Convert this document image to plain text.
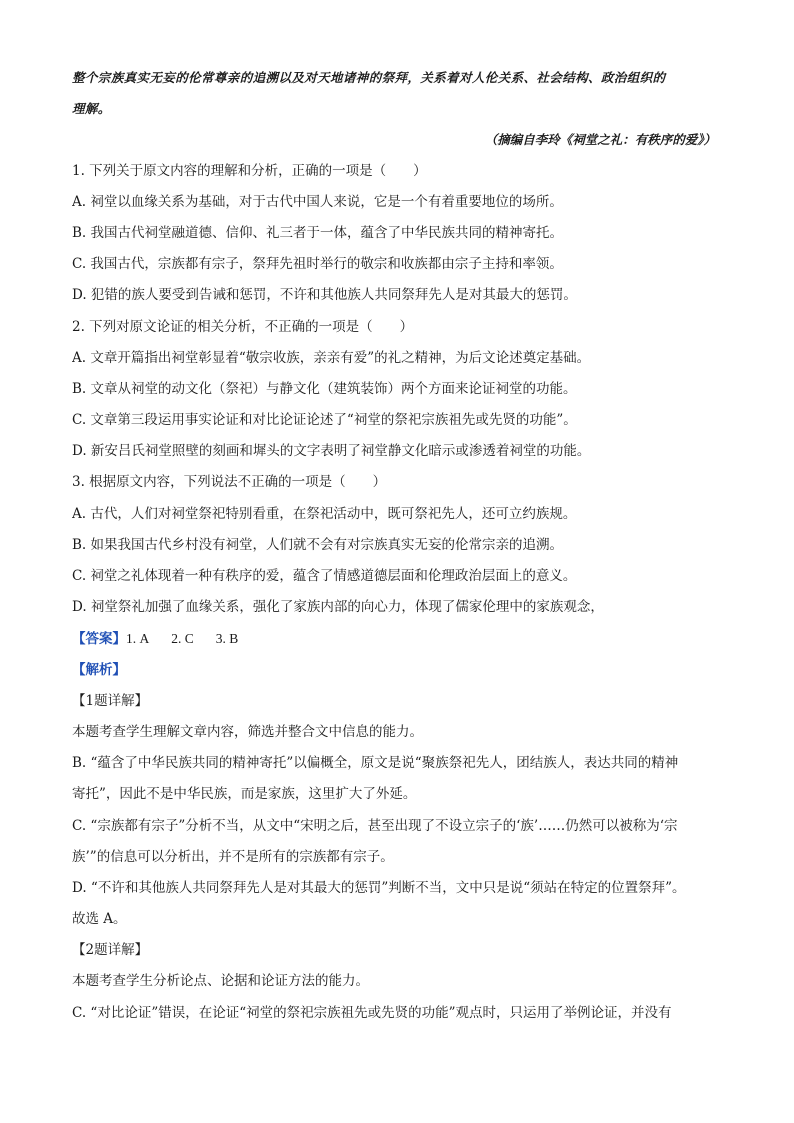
整个宗族真实无妄的伦常尊亲的追溯以及对天地诸神的祭拜，关系着对人伦关系、社会结构、政治组织的
理解。
（摘编自李玲《祠堂之礼：有秩序的爱》）
1. 下列关于原文内容的理解和分析，正确的一项是（　　）
A. 祠堂以血缘关系为基础，对于古代中国人来说，它是一个有着重要地位的场所。
B. 我国古代祠堂融道德、信仰、礼三者于一体，蕴含了中华民族共同的精神寄托。
C. 我国古代，宗族都有宗子，祭拜先祖时举行的敬宗和收族都由宗子主持和率领。
D. 犯错的族人要受到告诫和惩罚，不许和其他族人共同祭拜先人是对其最大的惩罚。
2. 下列对原文论证的相关分析，不正确的一项是（　　）
A. 文章开篇指出祠堂彰显着“敬宗收族，亲亲有爱”的礼之精神，为后文论述奠定基础。
B. 文章从祠堂的动文化（祭祀）与静文化（建筑装饰）两个方面来论证祠堂的功能。
C. 文章第三段运用事实论证和对比论证论述了“祠堂的祭祀宗族祖先或先贤的功能”。
D. 新安吕氏祠堂照壁的刻画和墀头的文字表明了祠堂静文化暗示或渗透着祠堂的功能。
3. 根据原文内容，下列说法不正确的一项是（　　）
A. 古代，人们对祠堂祭祀特别看重，在祭祀活动中，既可祭祀先人，还可立约族规。
B. 如果我国古代乡村没有祠堂，人们就不会有对宗族真实无妄的伦常宗亲的追溯。
C. 祠堂之礼体现着一种有秩序的爱，蕴含了情感道德层面和伦理政治层面上的意义。
D. 祠堂祭礼加强了血缘关系，强化了家族内部的向心力，体现了儒家伦理中的家族观念，
【答案】1. A 2. C 3. B
【解析】
【1题详解】
本题考查学生理解文章内容，筛选并整合文中信息的能力。
B. “蕴含了中华民族共同的精神寄托”以偏概全，原文是说“聚族祭祀先人，团结族人，表达共同的精神
寄托”，因此不是中华民族，而是家族，这里扩大了外延。
C. “宗族都有宗子”分析不当，从文中“宋明之后，甚至出现了不设立宗子的‘族’……仍然可以被称为‘宗
族’”的信息可以分析出，并不是所有的宗族都有宗子。
D. “不许和其他族人共同祭拜先人是对其最大的惩罚”判断不当，文中只是说“须站在特定的位置祭拜”。
故选 A。
【2题详解】
本题考查学生分析论点、论据和论证方法的能力。
C. “对比论证”错误，在论证“祠堂的祭祀宗族祖先或先贤的功能”观点时，只运用了举例论证，并没有
